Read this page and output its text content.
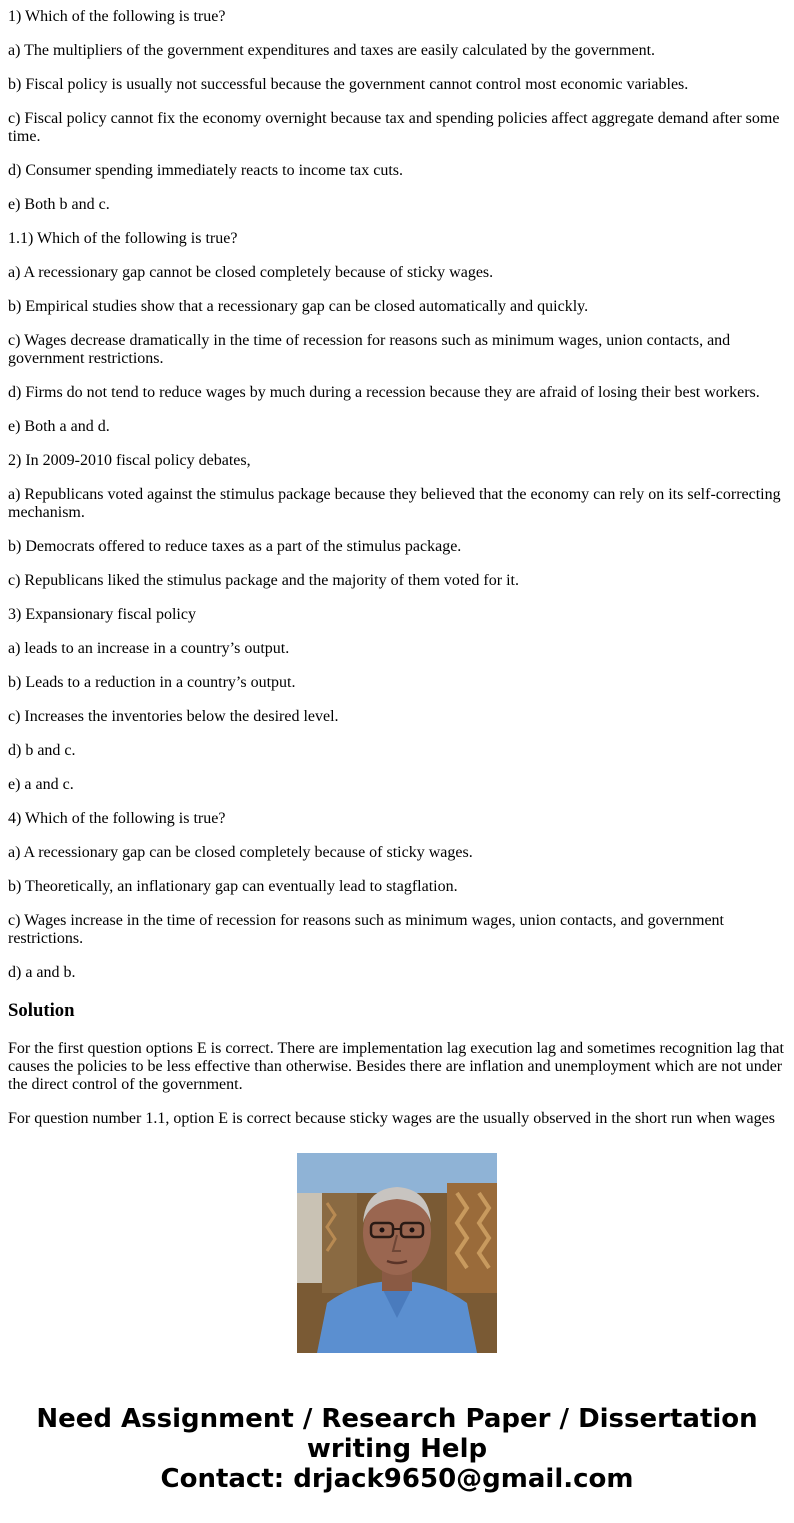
1) Which of the following is true?

a) The multipliers of the government expenditures and taxes are easily calculated by the government.

b) Fiscal policy is usually not successful because the government cannot control most economic variables.

c) Fiscal policy cannot fix the economy overnight because tax and spending policies affect aggregate demand after some time.

d) Consumer spending immediately reacts to income tax cuts.

e) Both b and c.

1.1) Which of the following is true?

a) A recessionary gap cannot be closed completely because of sticky wages.

b) Empirical studies show that a recessionary gap can be closed automatically and quickly.

c) Wages decrease dramatically in the time of recession for reasons such as minimum wages, union contacts, and government restrictions.

d) Firms do not tend to reduce wages by much during a recession because they are afraid of losing their best workers.

e) Both a and d.

2) In 2009-2010 fiscal policy debates,

a) Republicans voted against the stimulus package because they believed that the economy can rely on its self-correcting mechanism.

b) Democrats offered to reduce taxes as a part of the stimulus package.

c) Republicans liked the stimulus package and the majority of them voted for it.

3) Expansionary fiscal policy

a) leads to an increase in a country’s output.

b) Leads to a reduction in a country’s output.

c) Increases the inventories below the desired level.

d) b and c.

e) a and c.

4) Which of the following is true?

a) A recessionary gap can be closed completely because of sticky wages.

b) Theoretically, an inflationary gap can eventually lead to stagflation.

c) Wages increase in the time of recession for reasons such as minimum wages, union contacts, and government restrictions.

d) a and b.

Solution

For the first question options E is correct. There are implementation lag execution lag and sometimes recognition lag that causes the policies to be less effective than otherwise. Besides there are inflation and unemployment which are not under the direct control of the government.

For question number 1.1, option E is correct because sticky wages are the usually observed in the short run when wages

Need Assignment / Research Paper / Dissertation
writing Help
Contact: drjack9650@gmail.com
